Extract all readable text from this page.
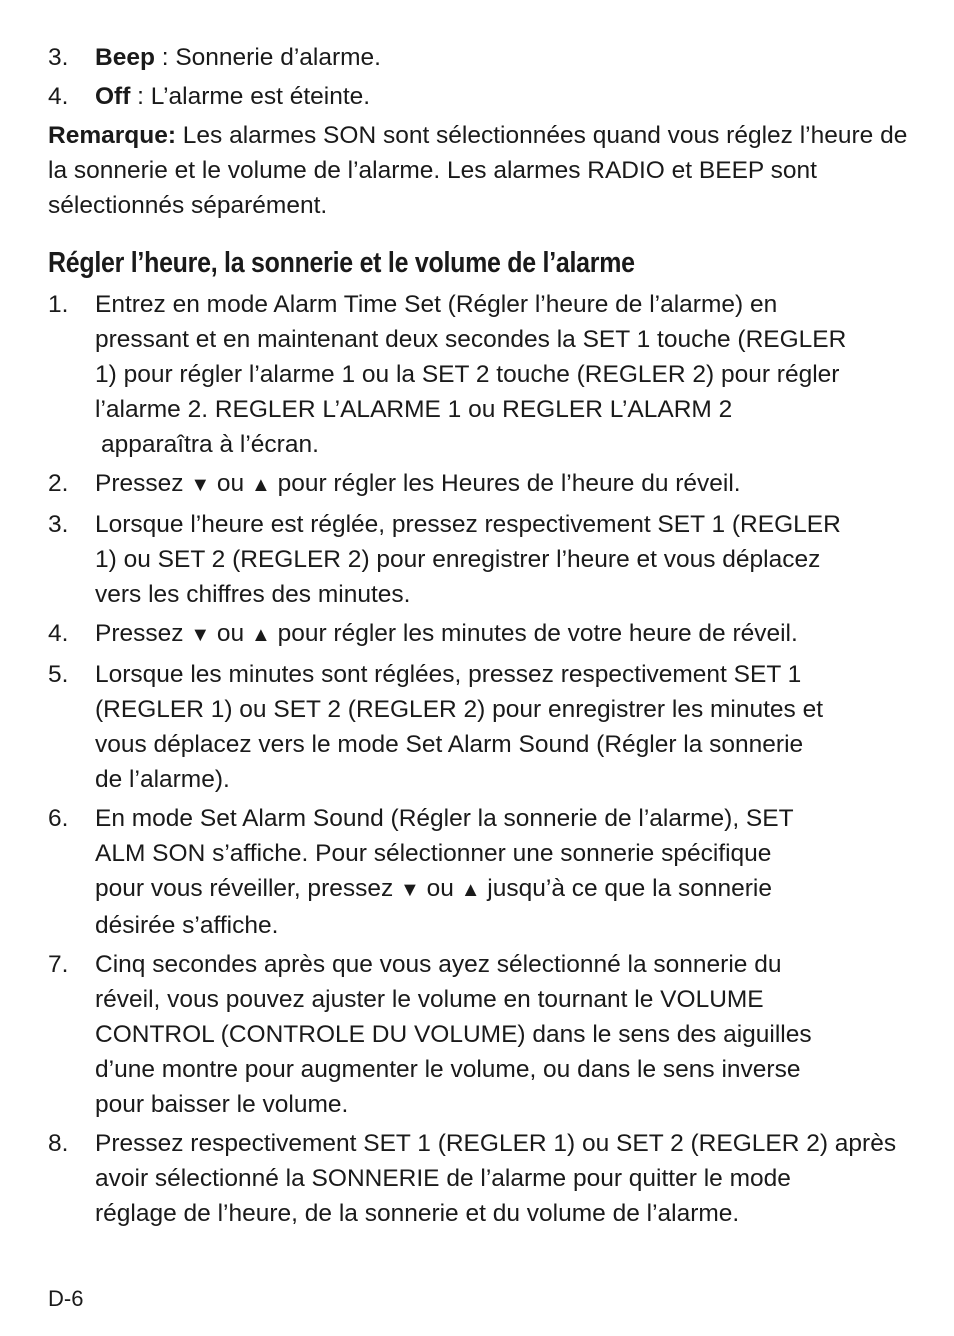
3. Beep : Sonnerie d’alarme.
4. Off : L’alarme est éteinte.

Remarque: Les alarmes SON sont sélectionnées quand vous réglez l’heure de la sonnerie et le volume de l’alarme. Les alarmes RADIO et BEEP sont sélectionnés séparément.

Régler l’heure, la sonnerie et le volume de l’alarme
1. Entrez en mode Alarm Time Set (Régler l’heure de l’alarme) en
pressant et en maintenant deux secondes la SET 1 touche (REGLER
1) pour régler l’alarme 1 ou la SET 2 touche (REGLER 2) pour régler
l’alarme 2. REGLER L’ALARME 1 ou REGLER L’ALARM 2
apparaîtra à l’écran.
2. Pressez ▼ ou ▲ pour régler les Heures de l’heure du réveil.
3. Lorsque l’heure est réglée, pressez respectivement SET 1 (REGLER
1) ou SET 2 (REGLER 2) pour enregistrer l’heure et vous déplacez
vers les chiffres des minutes.
4. Pressez ▼ ou ▲ pour régler les minutes de votre heure de réveil.
5. Lorsque les minutes sont réglées, pressez respectivement SET 1
(REGLER 1) ou SET 2 (REGLER 2) pour enregistrer les minutes et
vous déplacez vers le mode Set Alarm Sound (Régler la sonnerie
de l’alarme).
6. En mode Set Alarm Sound (Régler la sonnerie de l’alarme), SET
ALM SON s’affiche. Pour sélectionner une sonnerie spécifique
pour vous réveiller, pressez ▼ ou ▲ jusqu’à ce que la sonnerie
désirée s’affiche.
7. Cinq secondes après que vous ayez sélectionné la sonnerie du
réveil, vous pouvez ajuster le volume en tournant le VOLUME
CONTROL (CONTROLE DU VOLUME) dans le sens des aiguilles
d’une montre pour augmenter le volume, ou dans le sens inverse
pour baisser le volume.
8. Pressez respectivement SET 1 (REGLER 1) ou SET 2 (REGLER 2) après
avoir sélectionné la SONNERIE de l’alarme pour quitter le mode
réglage de l’heure, de la sonnerie et du volume de l’alarme.
D-6
